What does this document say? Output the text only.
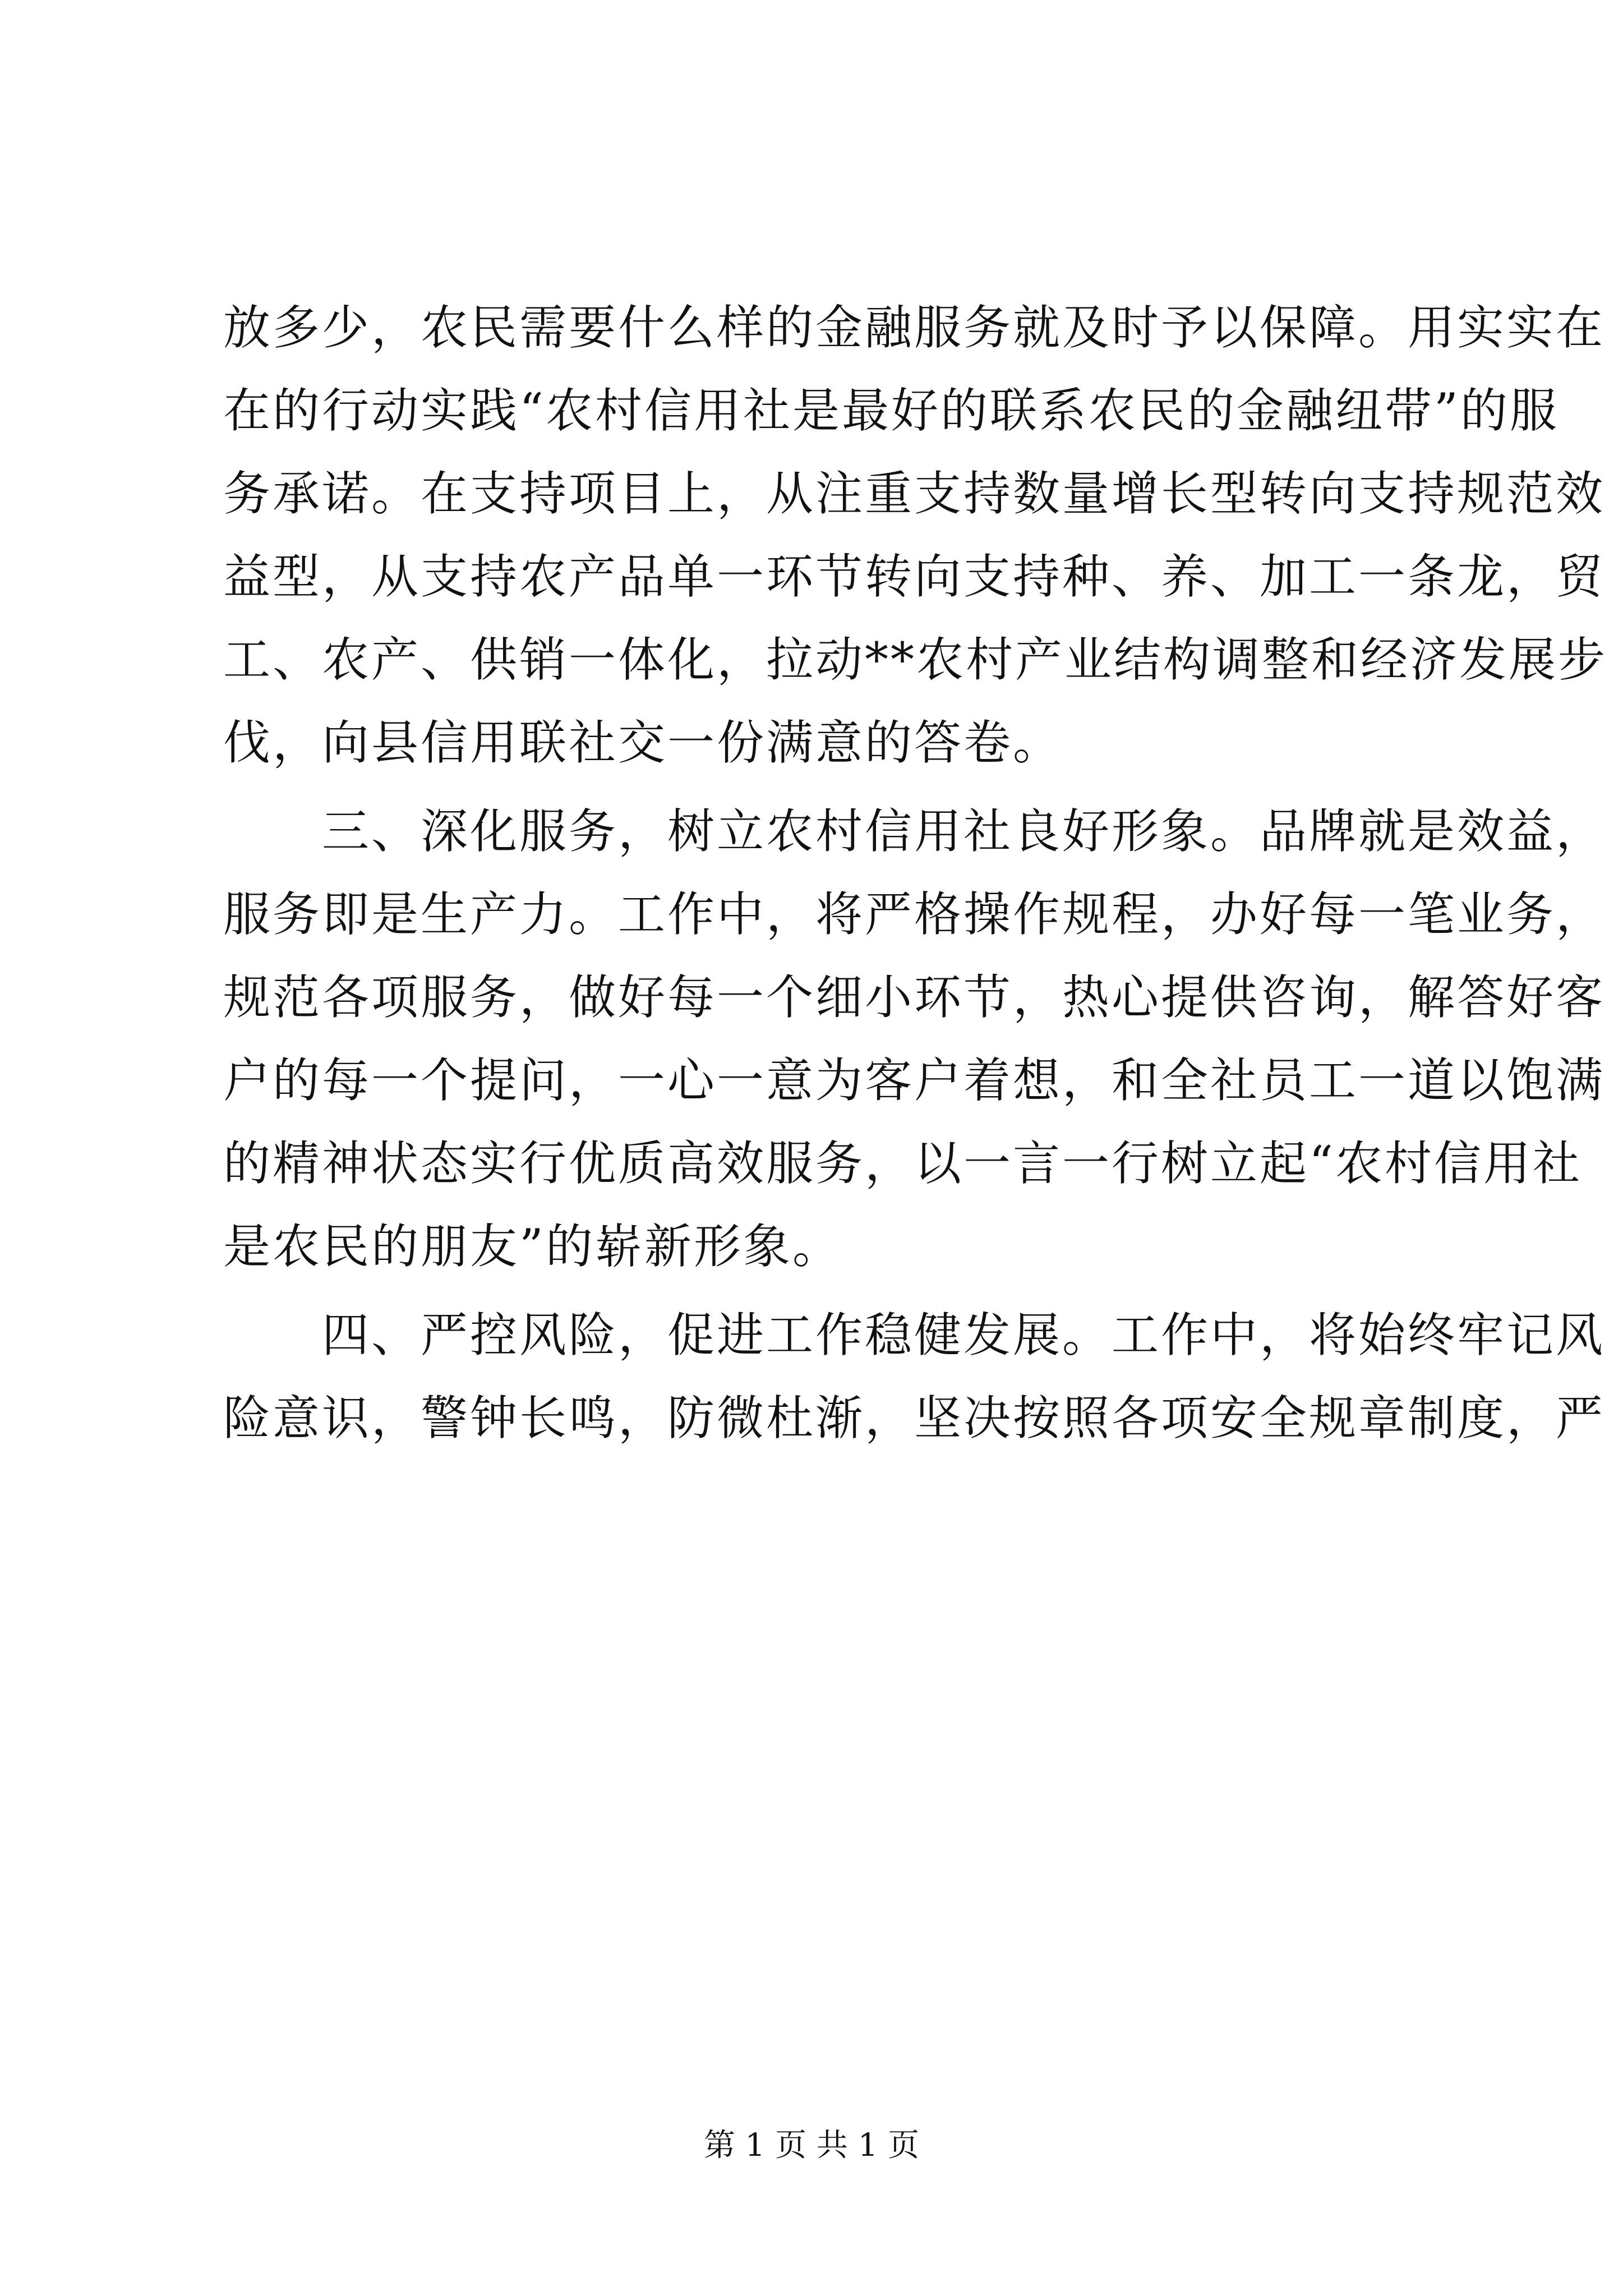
放多少，农民需要什么样的金融服务就及时予以保障。用实实在
在的行动实践“农村信用社是最好的联系农民的金融纽带”的服
务承诺。在支持项目上，从注重支持数量增长型转向支持规范效
益型，从支持农产品单一环节转向支持种、养、加工一条龙，贸
工、农产、供销一体化，拉动**农村产业结构调整和经济发展步
伐，向县信用联社交一份满意的答卷。
　　三、深化服务，树立农村信用社良好形象。品牌就是效益，
服务即是生产力。工作中，将严格操作规程，办好每一笔业务，
规范各项服务，做好每一个细小环节，热心提供咨询，解答好客
户的每一个提问，一心一意为客户着想，和全社员工一道以饱满
的精神状态实行优质高效服务，以一言一行树立起“农村信用社
是农民的朋友”的崭新形象。
　　四、严控风险，促进工作稳健发展。工作中，将始终牢记风
险意识，警钟长鸣，防微杜渐，坚决按照各项安全规章制度，严
第 1 页 共 1 页
